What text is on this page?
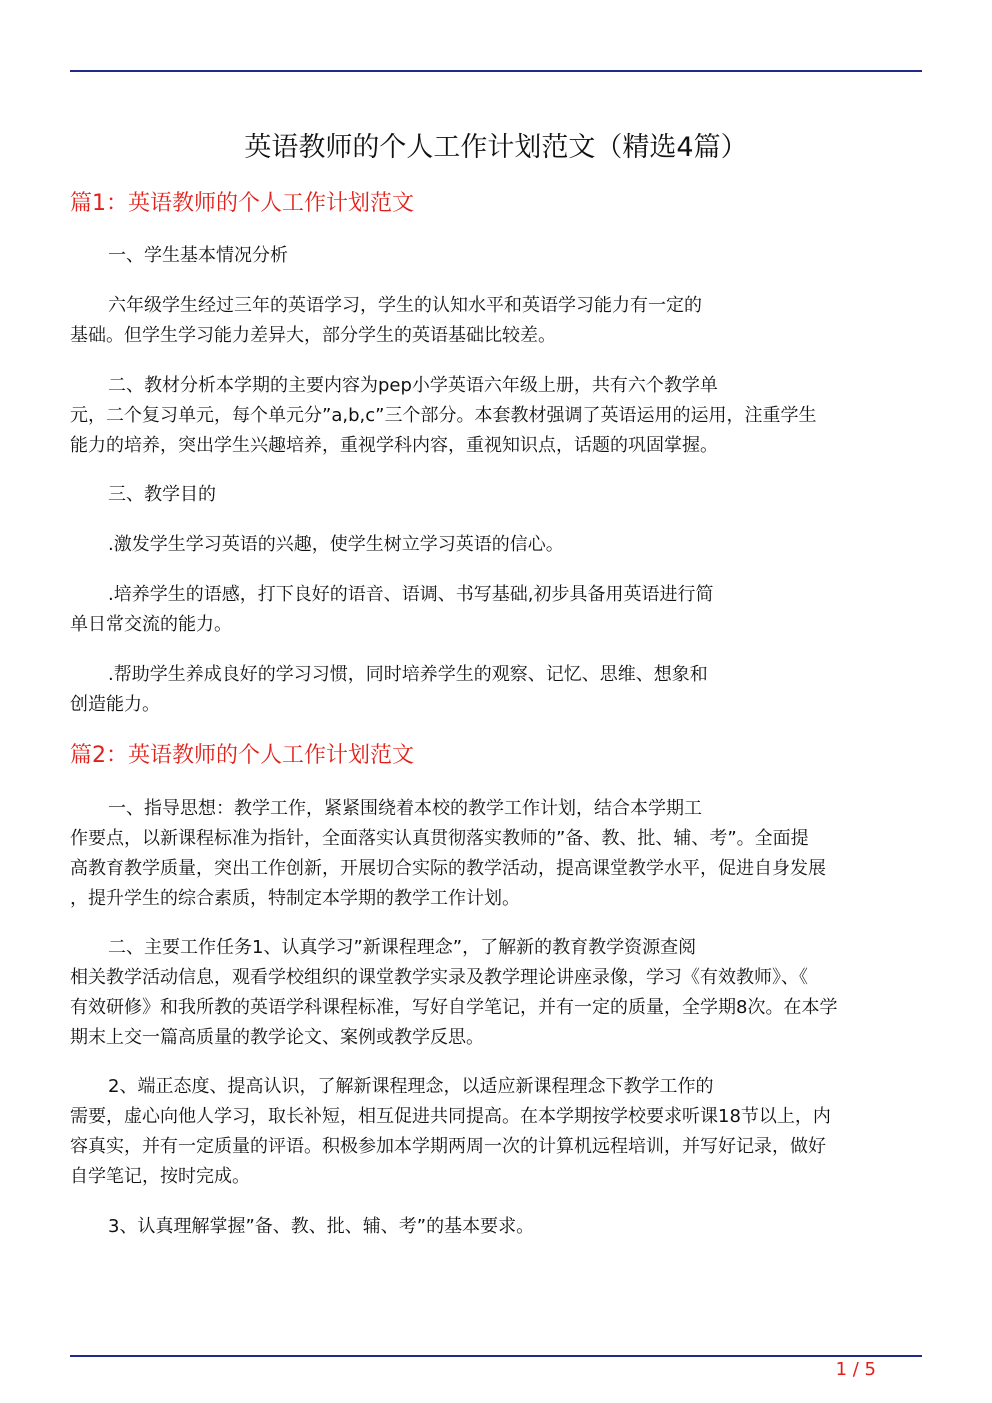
英语教师的个人工作计划范文（精选4篇）
篇1：英语教师的个人工作计划范文
一、学生基本情况分析
六年级学生经过三年的英语学习，学生的认知水平和英语学习能力有一定的
基础。但学生学习能力差异大，部分学生的英语基础比较差。
二、教材分析本学期的主要内容为pep小学英语六年级上册，共有六个教学单
元，二个复习单元，每个单元分”a,b,c”三个部分。本套教材强调了英语运用的运用，注重学生
能力的培养，突出学生兴趣培养，重视学科内容，重视知识点，话题的巩固掌握。
三、教学目的
.激发学生学习英语的兴趣，使学生树立学习英语的信心。
.培养学生的语感，打下良好的语音、语调、书写基础,初步具备用英语进行简
单日常交流的能力。
.帮助学生养成良好的学习习惯，同时培养学生的观察、记忆、思维、想象和
创造能力。
篇2：英语教师的个人工作计划范文
一、指导思想：教学工作，紧紧围绕着本校的教学工作计划，结合本学期工
作要点，以新课程标准为指针，全面落实认真贯彻落实教师的”备、教、批、辅、考”。全面提
高教育教学质量，突出工作创新，开展切合实际的教学活动，提高课堂教学水平，促进自身发展
，提升学生的综合素质，特制定本学期的教学工作计划。
二、主要工作任务1、认真学习”新课程理念”，了解新的教育教学资源查阅
相关教学活动信息，观看学校组织的课堂教学实录及教学理论讲座录像，学习《有效教师》、《
有效研修》和我所教的英语学科课程标准，写好自学笔记，并有一定的质量，全学期8次。在本学
期末上交一篇高质量的教学论文、案例或教学反思。
2、端正态度、提高认识，了解新课程理念，以适应新课程理念下教学工作的
需要，虚心向他人学习，取长补短，相互促进共同提高。在本学期按学校要求听课18节以上，内
容真实，并有一定质量的评语。积极参加本学期两周一次的计算机远程培训，并写好记录，做好
自学笔记，按时完成。
3、认真理解掌握”备、教、批、辅、考”的基本要求。
1 / 5
